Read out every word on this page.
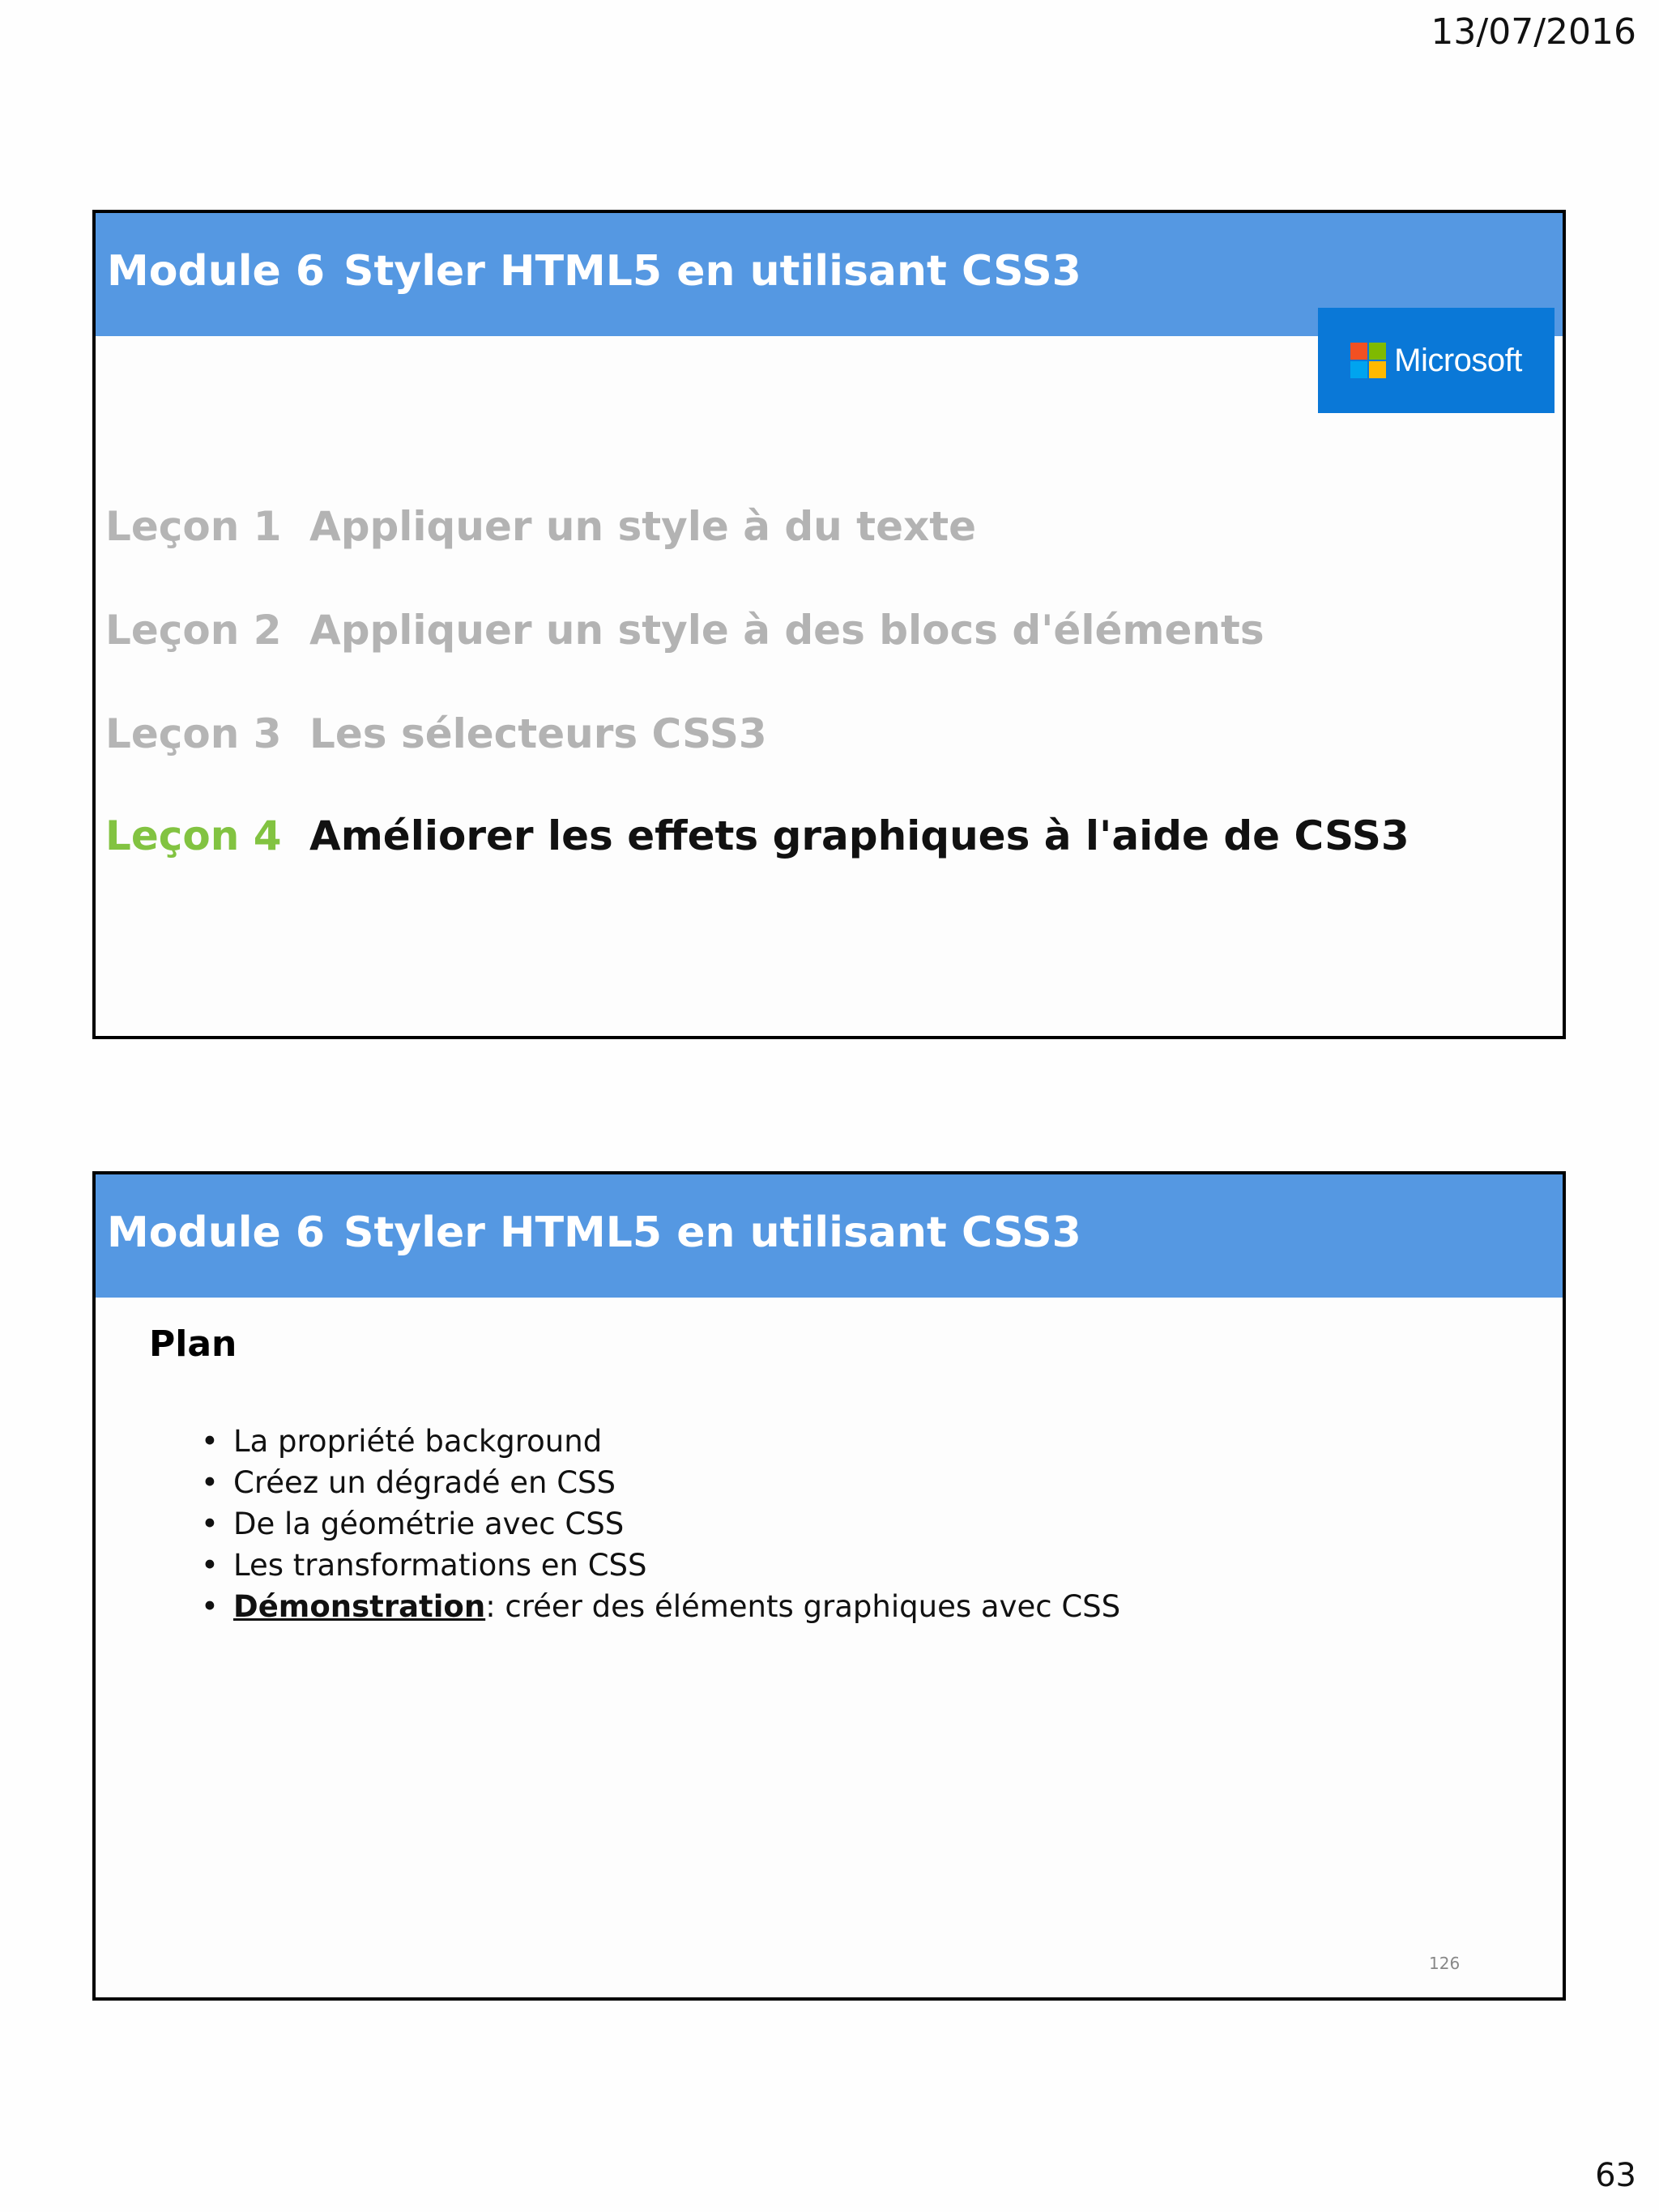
13/07/2016
Module 6 Styler HTML5 en utilisant CSS3
Microsoft
Leçon 1 Appliquer un style à du texte
Leçon 2 Appliquer un style à des blocs d'éléments
Leçon 3 Les sélecteurs CSS3
Leçon 4 Améliorer les effets graphiques à l'aide de CSS3
Module 6 Styler HTML5 en utilisant CSS3
Plan
• La propriété background
• Créez un dégradé en CSS
• De la géométrie avec CSS
• Les transformations en CSS
• Démonstration: créer des éléments graphiques avec CSS
126
63
